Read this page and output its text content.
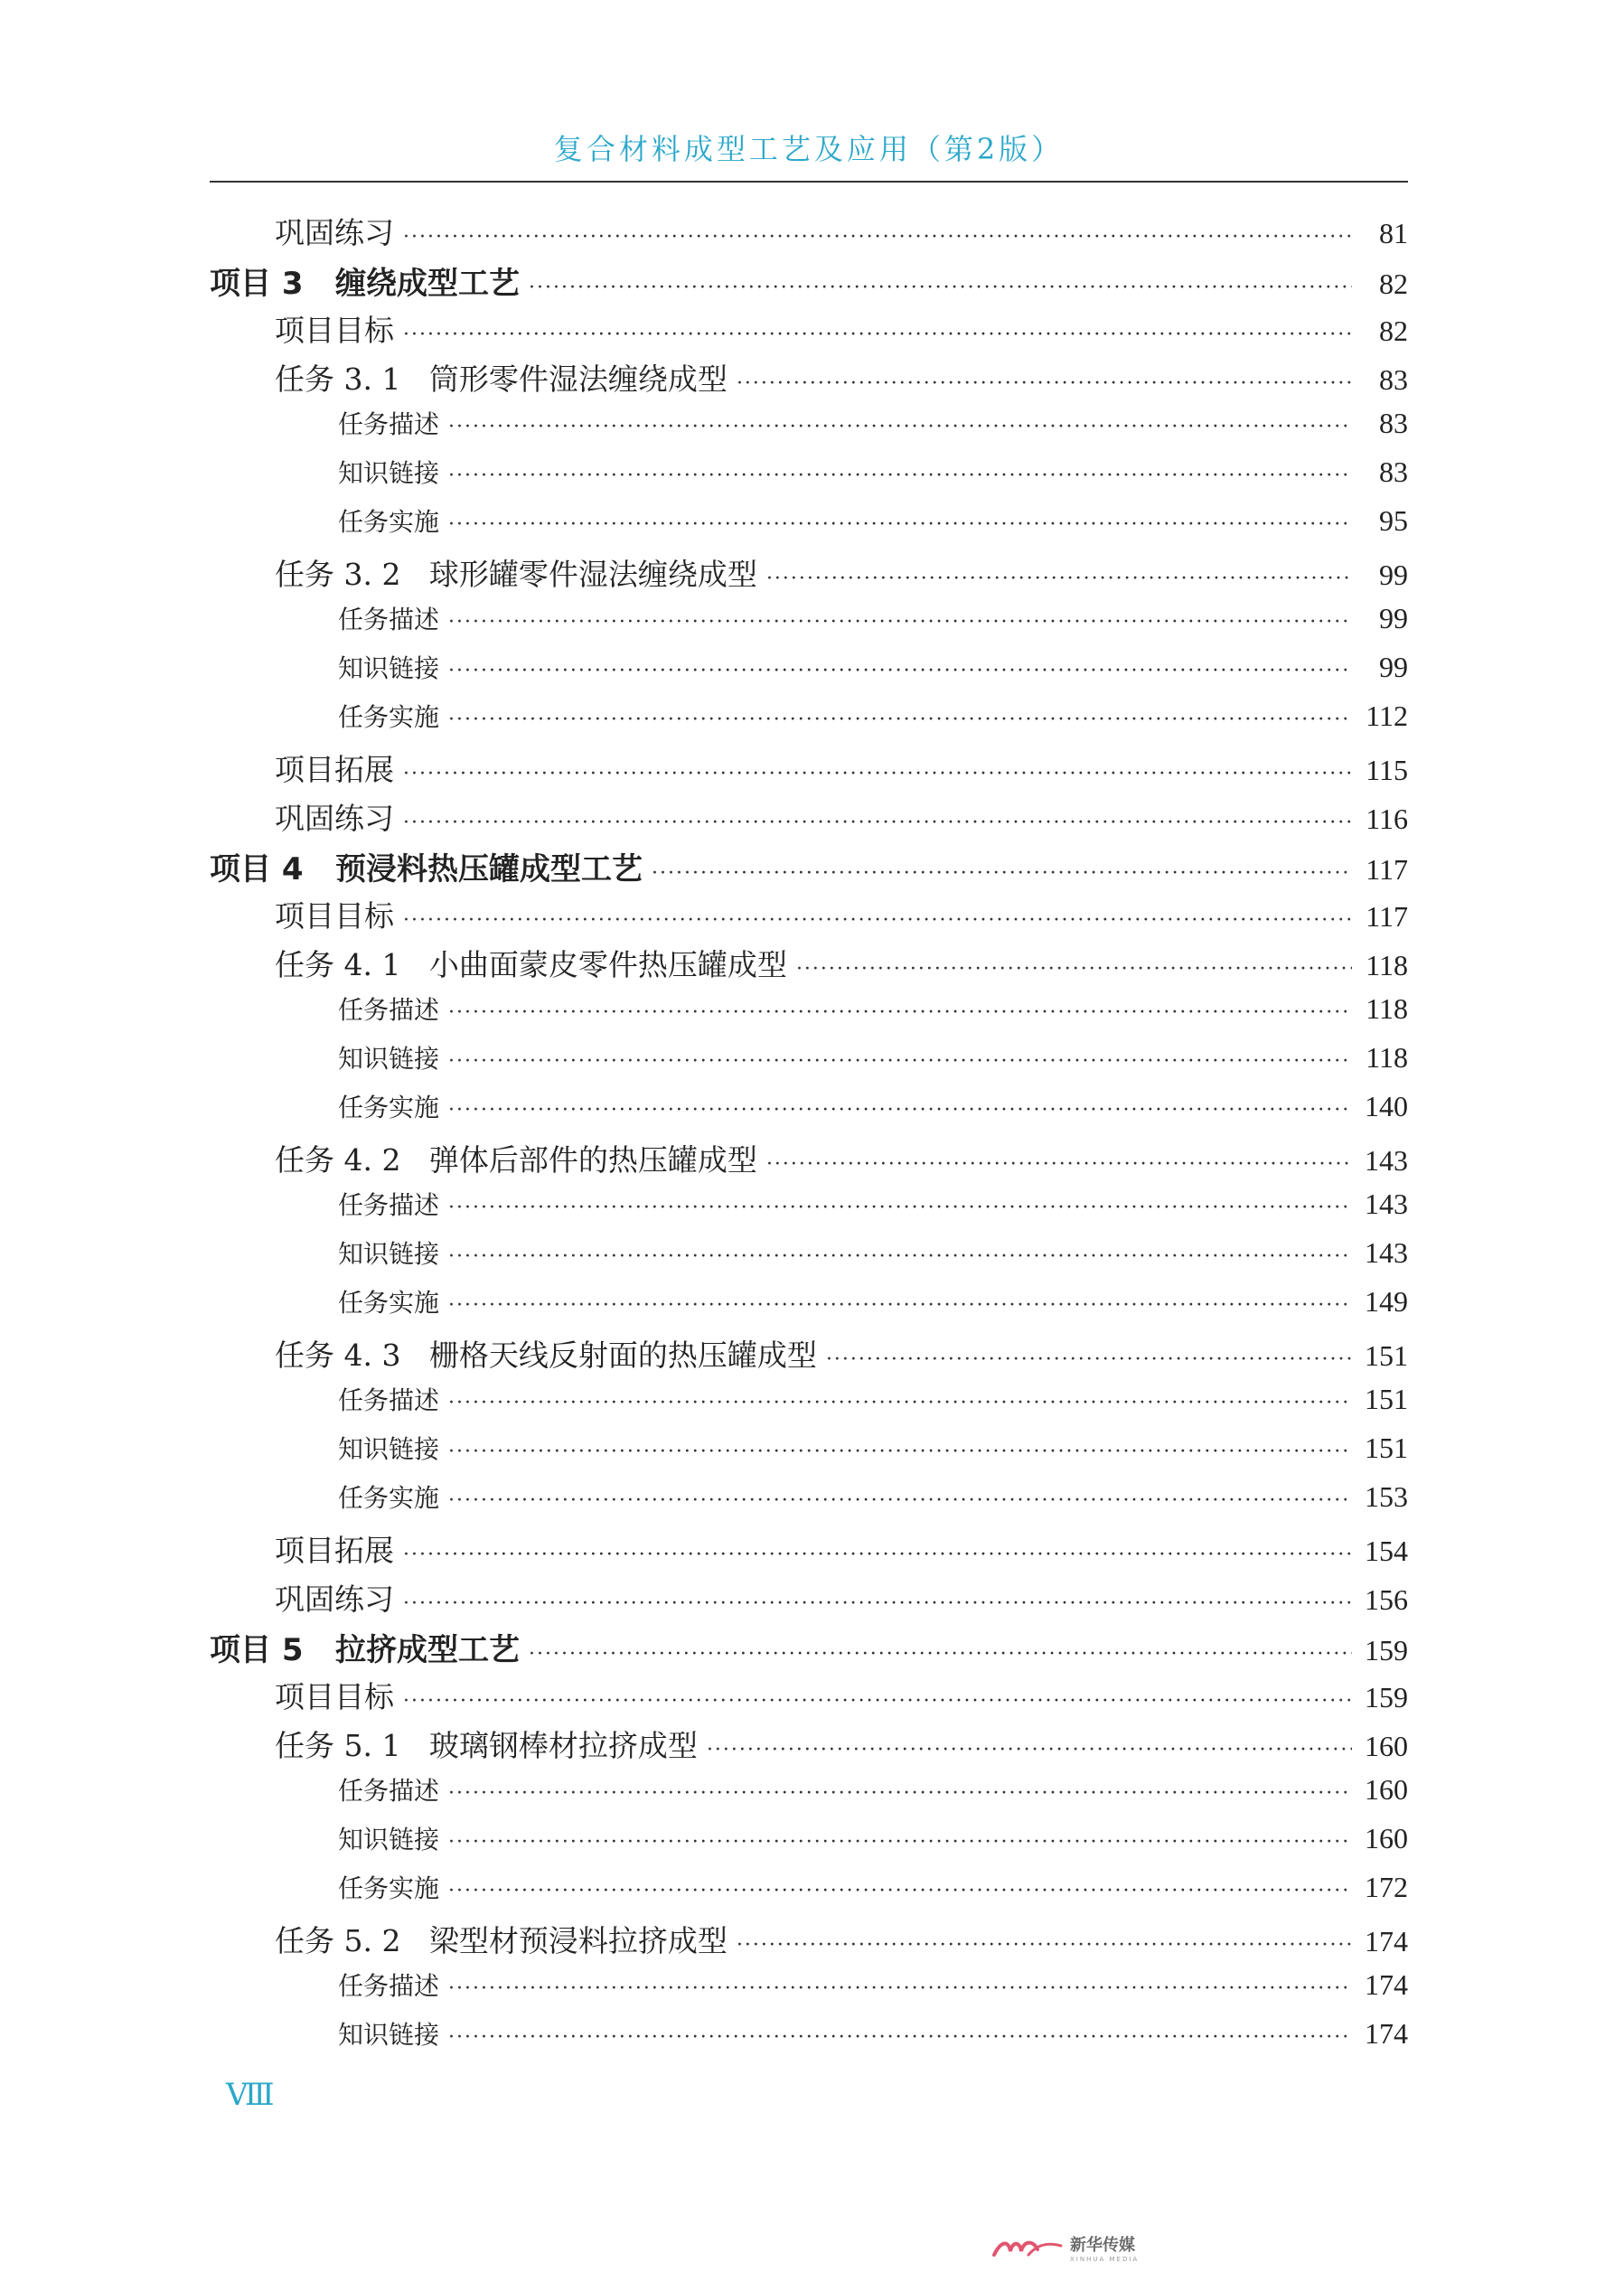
复合材料成型工艺及应用（第2版）
巩固练习 ·····	81
项目 3   缠绕成型工艺 ·····	82
项目目标 ·····	82
任务 3. 1   筒形零件湿法缠绕成型 ·····	83
任务描述 ·····	83
知识链接 ·····	83
任务实施 ·····	95
任务 3. 2   球形罐零件湿法缠绕成型 ·····	99
任务描述 ·····	99
知识链接 ·····	99
任务实施 ·····	112
项目拓展 ·····	115
巩固练习 ·····	116
项目 4   预浸料热压罐成型工艺 ·····	117
项目目标 ·····	117
任务 4. 1   小曲面蒙皮零件热压罐成型 ·····	118
任务描述 ·····	118
知识链接 ·····	118
任务实施 ·····	140
任务 4. 2   弹体后部件的热压罐成型 ·····	143
任务描述 ·····	143
知识链接 ·····	143
任务实施 ·····	149
任务 4. 3   栅格天线反射面的热压罐成型 ·····	151
任务描述 ·····	151
知识链接 ·····	151
任务实施 ·····	153
项目拓展 ·····	154
巩固练习 ·····	156
项目 5   拉挤成型工艺 ·····	159
项目目标 ·····	159
任务 5. 1   玻璃钢棒材拉挤成型 ·····	160
任务描述 ·····	160
知识链接 ·····	160
任务实施 ·····	172
任务 5. 2   梁型材预浸料拉挤成型 ·····	174
任务描述 ·····	174
知识链接 ·····	174
Ⅷ
新华传媒
XINHUA MEDIA
